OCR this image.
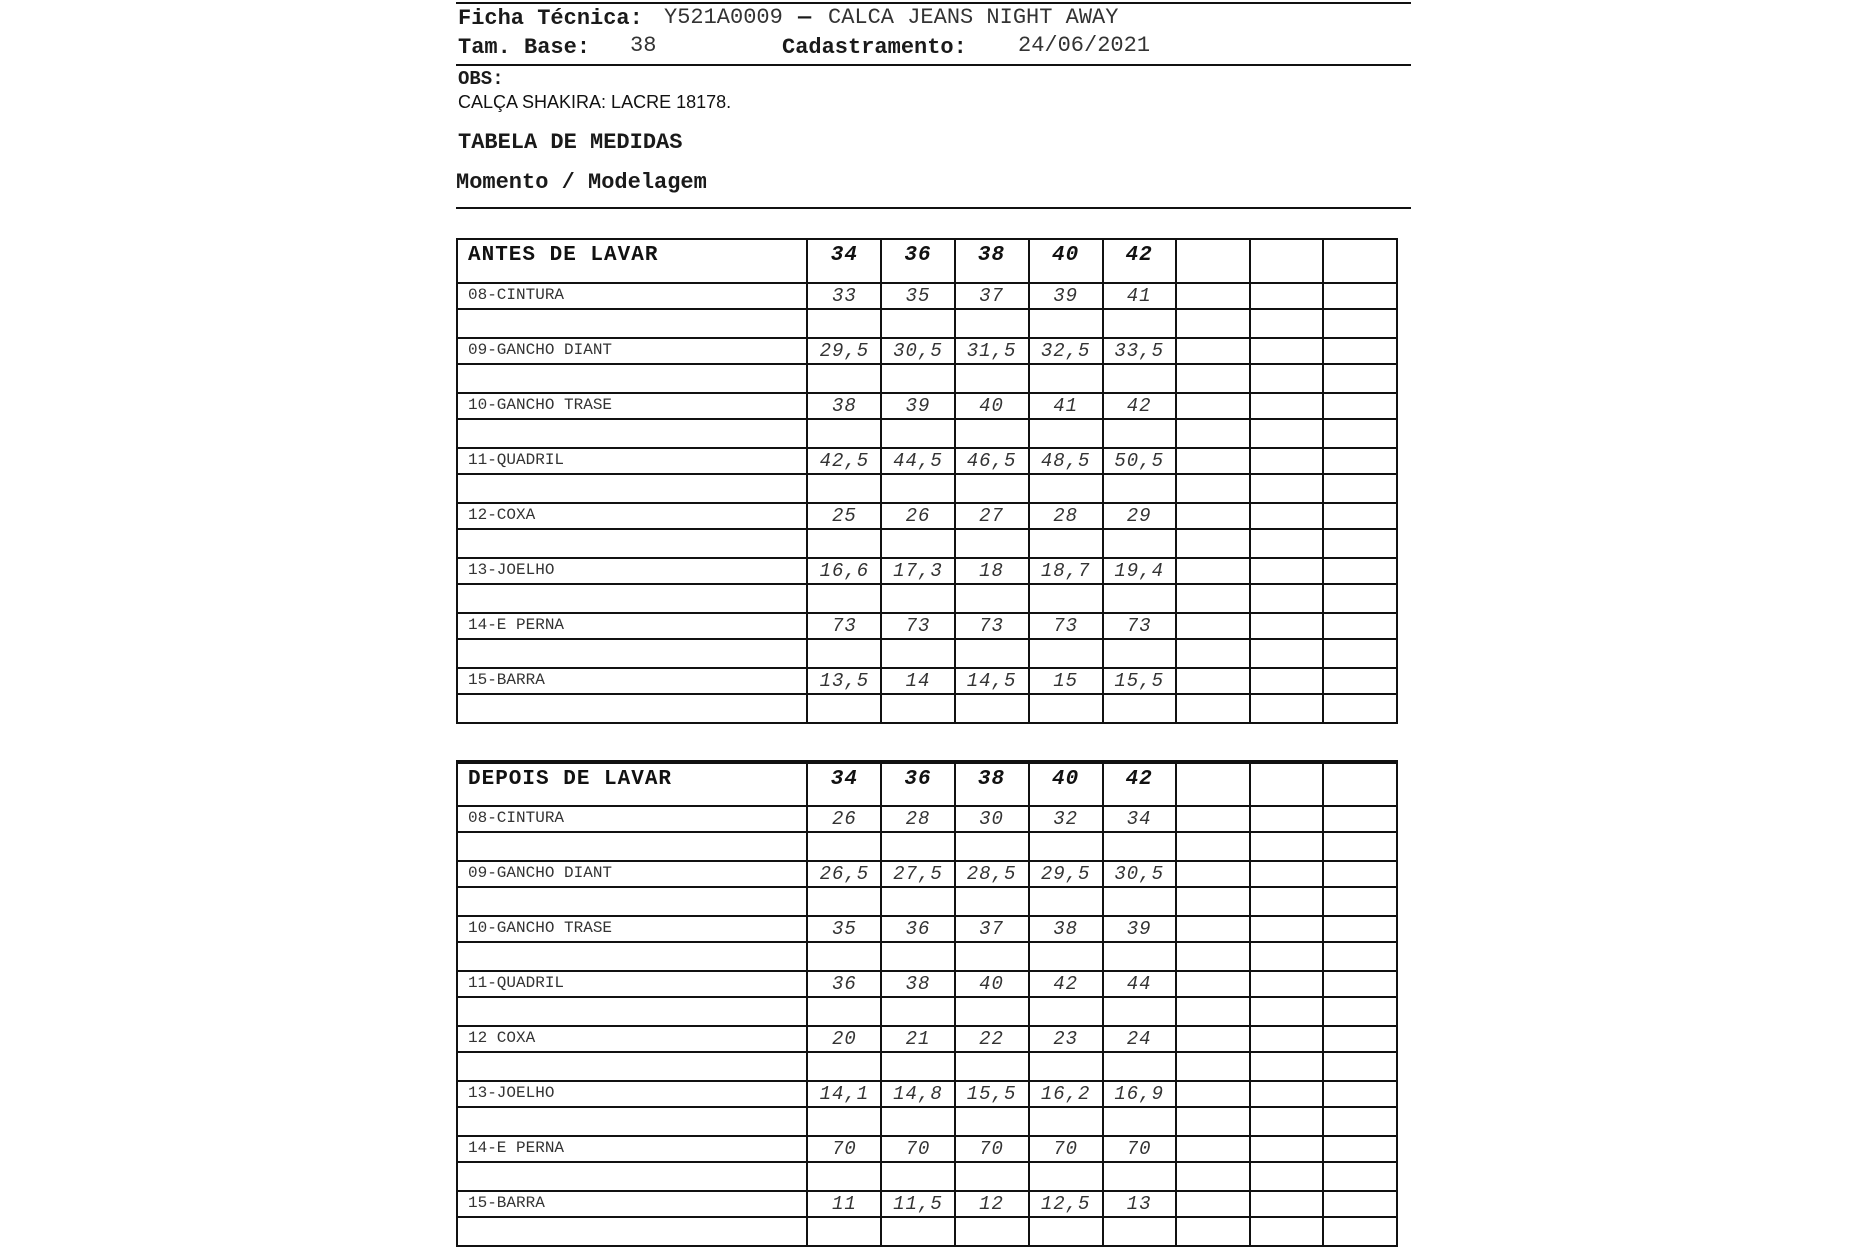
Ficha Técnica: Y521A0009 — CALCA JEANS NIGHT AWAY
Tam. Base: 38	Cadastramento: 24/06/2021
OBS:
CALÇA SHAKIRA: LACRE 18178.
TABELA DE MEDIDAS
Momento / Modelagem
ANTES DE LAVAR	34	36	38	40	42			
08-CINTURA	33	35	37	39	41			

09-GANCHO DIANT	29,5	30,5	31,5	32,5	33,5			

10-GANCHO TRASE	38	39	40	41	42			

11-QUADRIL	42,5	44,5	46,5	48,5	50,5			

12-COXA	25	26	27	28	29			

13-JOELHO	16,6	17,3	18	18,7	19,4			

14-E PERNA	73	73	73	73	73			

15-BARRA	13,5	14	14,5	15	15,5			

DEPOIS DE LAVAR	34	36	38	40	42			
08-CINTURA	26	28	30	32	34			

09-GANCHO DIANT	26,5	27,5	28,5	29,5	30,5			

10-GANCHO TRASE	35	36	37	38	39			

11-QUADRIL	36	38	40	42	44			

12 COXA	20	21	22	23	24			

13-JOELHO	14,1	14,8	15,5	16,2	16,9			

14-E PERNA	70	70	70	70	70			

15-BARRA	11	11,5	12	12,5	13			
